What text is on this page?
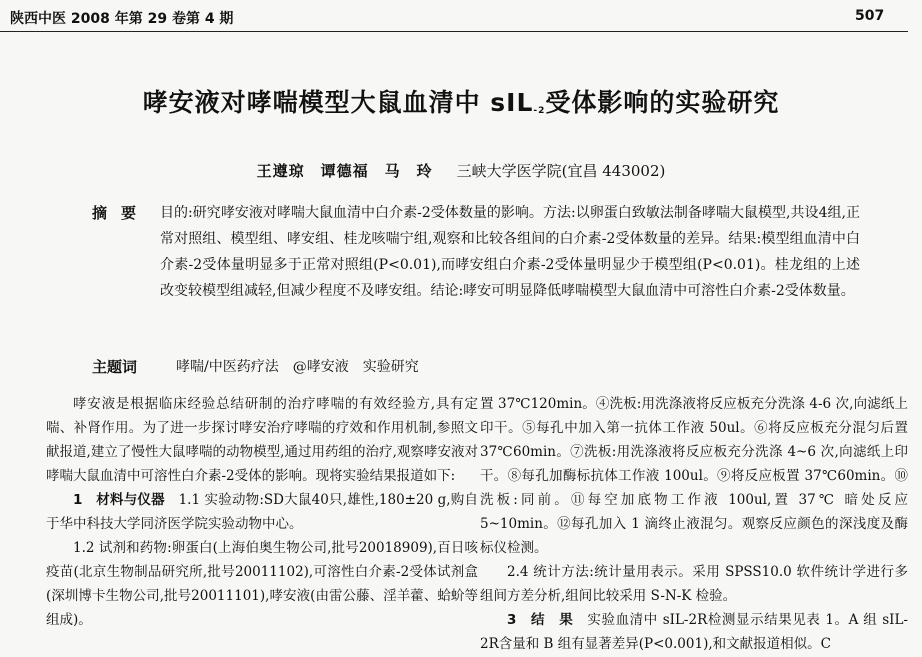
陕西中医 2008 年第 29 卷第 4 期	507
哮安液对哮喘模型大鼠血清中 sIL$_{-2}$受体影响的实验研究
王遵琼　谭德福　马　玲 三峡大学医学院(宜昌 443002)
摘要 目的:研究哮安液对哮喘大鼠血清中白介素-2受体数量的影响。方法:以卵蛋白致敏法制备哮喘大鼠模型,共设4组,正常对照组、模型组、哮安组、桂龙咳喘宁组,观察和比较各组间的白介素-2受体数量的差异。结果:模型组血清中白介素-2受体量明显多于正常对照组(P<0.01),而哮安组白介素-2受体量明显少于模型组(P<0.01)。桂龙组的上述改变较模型组减轻,但减少程度不及哮安组。结论:哮安可明显降低哮喘模型大鼠血清中可溶性白介素-2受体数量。
主题词	哮喘/中医药疗法　@哮安液　实验研究

哮安液是根据临床经验总结研制的治疗哮喘的有效经验方,具有定喘、补肾作用。为了进一步探讨哮安治疗哮喘的疗效和作用机制,参照文献报道,建立了慢性大鼠哮喘的动物模型,通过用药组的治疗,观察哮安液对哮喘大鼠血清中可溶性白介素-2受体的影响。现将实验结果报道如下:

1　材料与仪器　 1.1 实验动物:SD大鼠40只,雄性,180±20 g,购自于华中科技大学同济医学院实验动物中心。

1.2 试剂和药物:卵蛋白(上海伯奥生物公司,批号20018909),百日咳疫苗(北京生物制品研究所,批号20011102),可溶性白介素-2受体试剂盒(深圳博卡生物公司,批号20011101),哮安液(由雷公藤、淫羊藿、蛤蚧等组成)。

置 37℃120min。④洗板:用洗涤液将反应板充分洗涤 4-6 次,向滤纸上印干。⑤每孔中加入第一抗体工作液 50ul。⑥将反应板充分混匀后置 37℃60min。⑦洗板:用洗涤液将反应板充分洗涤 4~6 次,向滤纸上印干。⑧每孔加酶标抗体工作液 100ul。⑨将反应板置 37℃60min。⑩洗板:同前。⑪每空加底物工作液 100ul,置 37℃ 暗处反应 5~10min。⑫每孔加入 1 滴终止液混匀。观察反应颜色的深浅度及酶标仪检测。

2.4 统计方法:统计量用表示。采用 SPSS10.0 软件统计学进行多组间方差分析,组间比较采用 S-N-K 检验。

3　结　果　 实验血清中 sIL-2R检测显示结果见表 1。A 组 sIL-2R含量和 B 组有显著差异(P<0.001),和文献报道相似。C
